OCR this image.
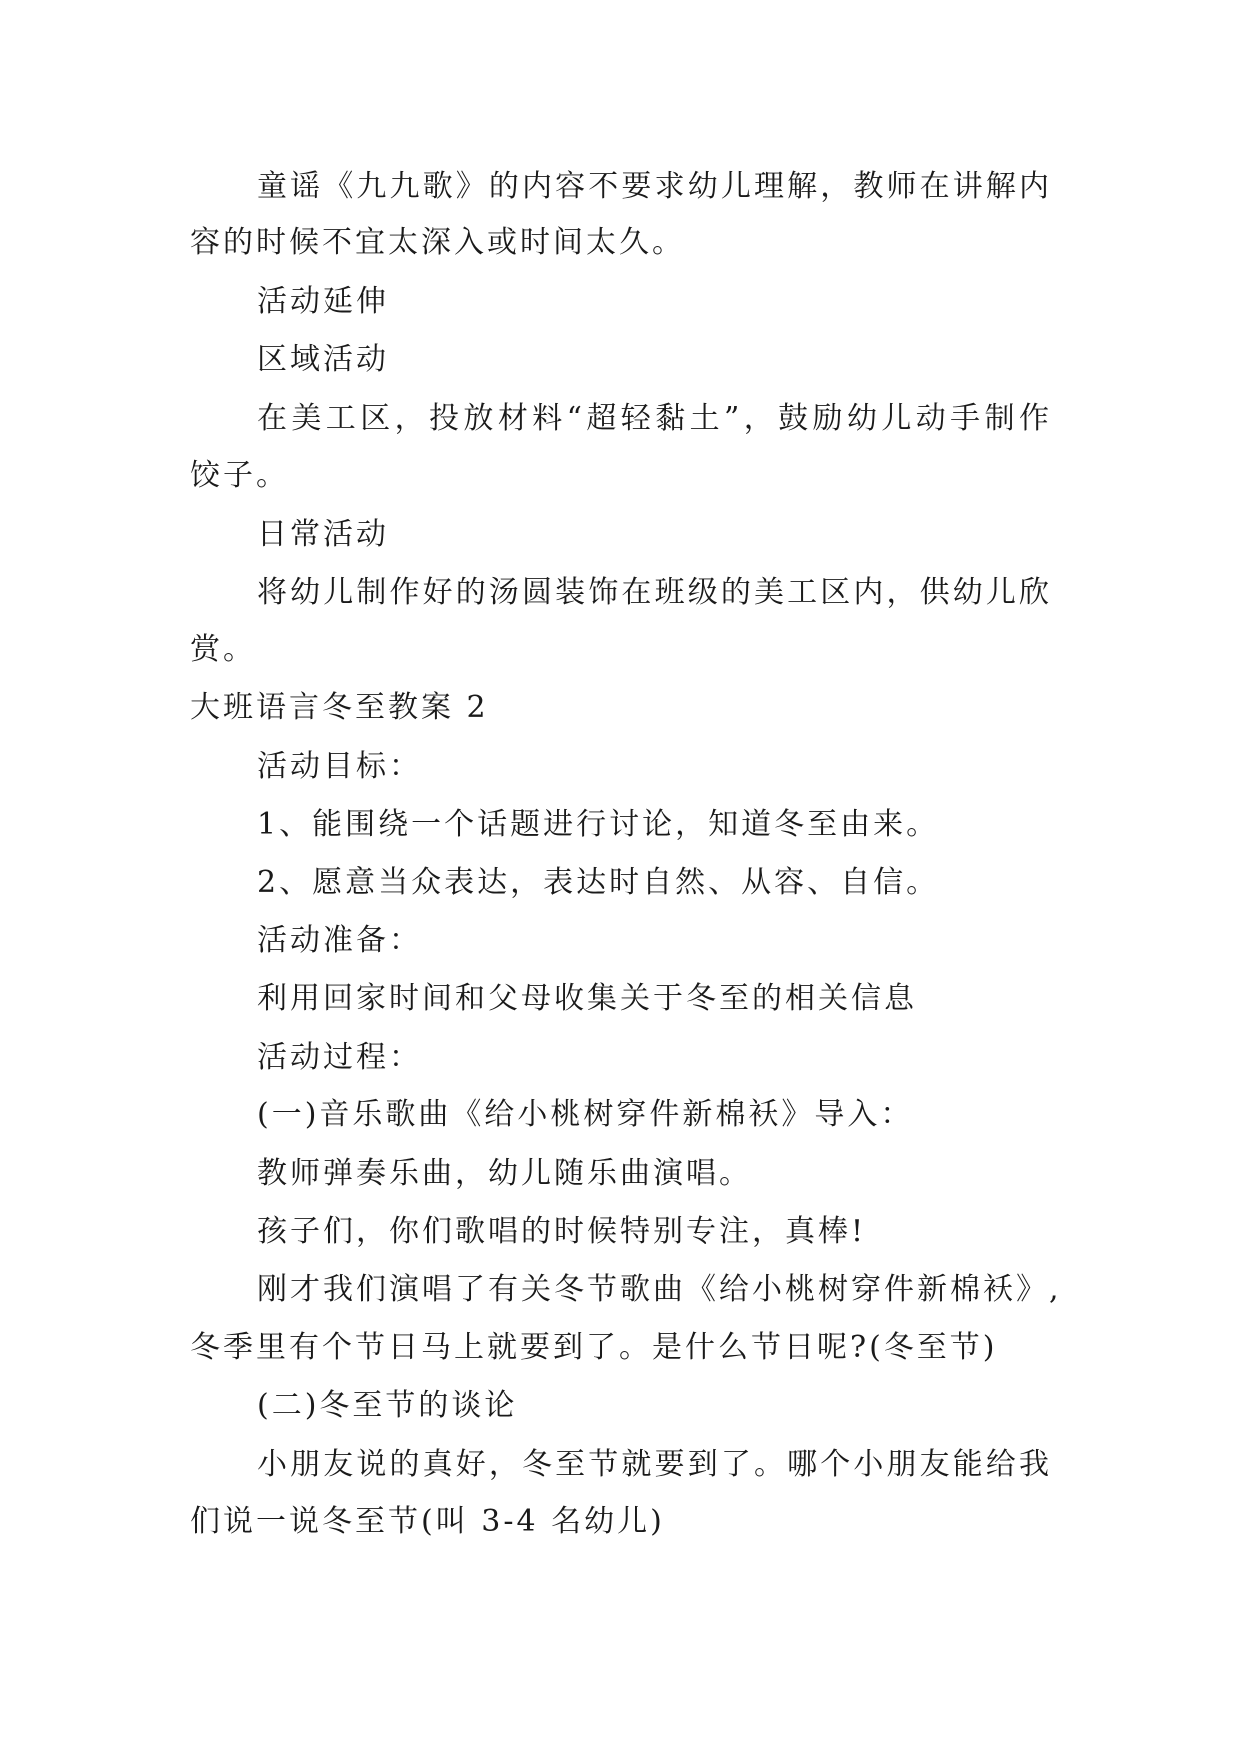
童谣《九九歌》的内容不要求幼儿理解，教师在讲解内
容的时候不宜太深入或时间太久。
活动延伸
区域活动
在美工区，投放材料“超轻黏土”，鼓励幼儿动手制作
饺子。
日常活动
将幼儿制作好的汤圆装饰在班级的美工区内，供幼儿欣
赏。
大班语言冬至教案 2
活动目标：
1、能围绕一个话题进行讨论，知道冬至由来。
2、愿意当众表达，表达时自然、从容、自信。
活动准备：
利用回家时间和父母收集关于冬至的相关信息
活动过程：
(一)音乐歌曲《给小桃树穿件新棉袄》导入：
教师弹奏乐曲，幼儿随乐曲演唱。
孩子们，你们歌唱的时候特别专注，真棒!
刚才我们演唱了有关冬节歌曲《给小桃树穿件新棉袄》,
冬季里有个节日马上就要到了。是什么节日呢?(冬至节)
(二)冬至节的谈论
小朋友说的真好，冬至节就要到了。哪个小朋友能给我
们说一说冬至节(叫 3-4 名幼儿)
